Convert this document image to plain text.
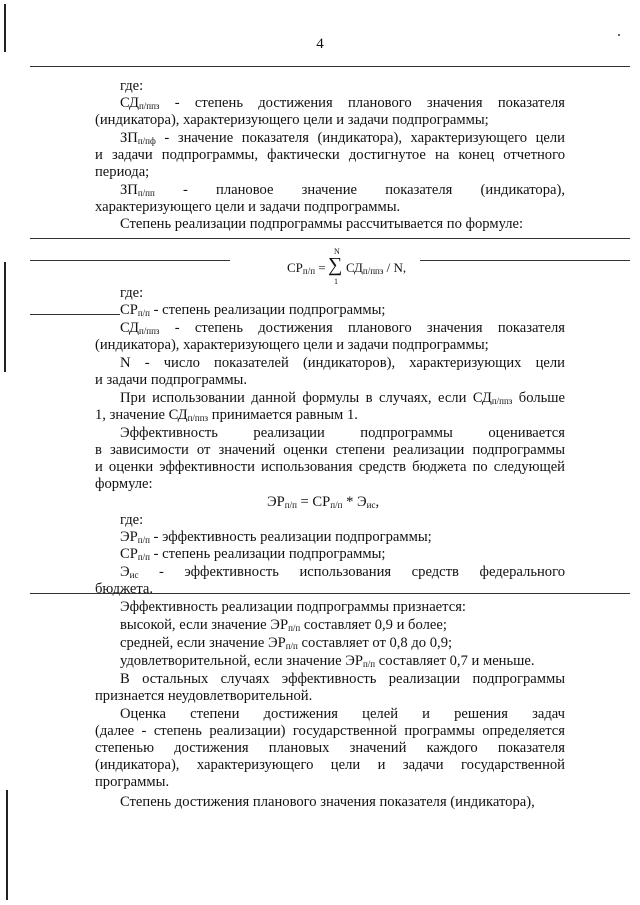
4
где:
$СД_{п/ппз}$ - степень достижения планового значения показателя
(индикатора), характеризующего цели и задачи подпрограммы;
$ЗП_{п/пф}$ - значение показателя (индикатора), характеризующего цели
и задачи подпрограммы, фактически достигнутое на конец отчетного
периода;
$ЗП_{п/пп}$ - плановое значение показателя (индикатора),
характеризующего цели и задачи подпрограммы.
Степень реализации подпрограммы рассчитывается по формуле:
$СР_{п/п}$ =
N
∑
1
$СД_{п/ппз}$ / N,
где:
$СР_{п/п}$ - степень реализации подпрограммы;
$СД_{п/ппз}$ - степень достижения планового значения показателя
(индикатора), характеризующего цели и задачи подпрограммы;
N - число показателей (индикаторов), характеризующих цели
и задачи подпрограммы.
При использовании данной формулы в случаях, если $СД_{п/ппз}$ больше
1, значение $СД_{п/ппз}$ принимается равным 1.
Эффективность реализации подпрограммы оценивается
в зависимости от значений оценки степени реализации подпрограммы
и оценки эффективности использования средств бюджета по следующей
формуле:
$ЭР_{п/п} = СР_{п/п} * Э_{ис}$,
где:
$ЭР_{п/п}$ - эффективность реализации подпрограммы;
$СР_{п/п}$ - степень реализации подпрограммы;
$Э_{ис}$ - эффективность использования средств федерального
бюджета.
Эффективность реализации подпрограммы признается:
высокой, если значение $ЭР_{п/п}$ составляет 0,9 и более;
средней, если значение $ЭР_{п/п}$ составляет от 0,8 до 0,9;
удовлетворительной, если значение $ЭР_{п/п}$ составляет 0,7 и меньше.
В остальных случаях эффективность реализации подпрограммы
признается неудовлетворительной.
Оценка степени достижения целей и решения задач
(далее - степень реализации) государственной программы определяется
степенью достижения плановых значений каждого показателя
(индикатора), характеризующего цели и задачи государственной
программы.
Степень достижения планового значения показателя (индикатора),
